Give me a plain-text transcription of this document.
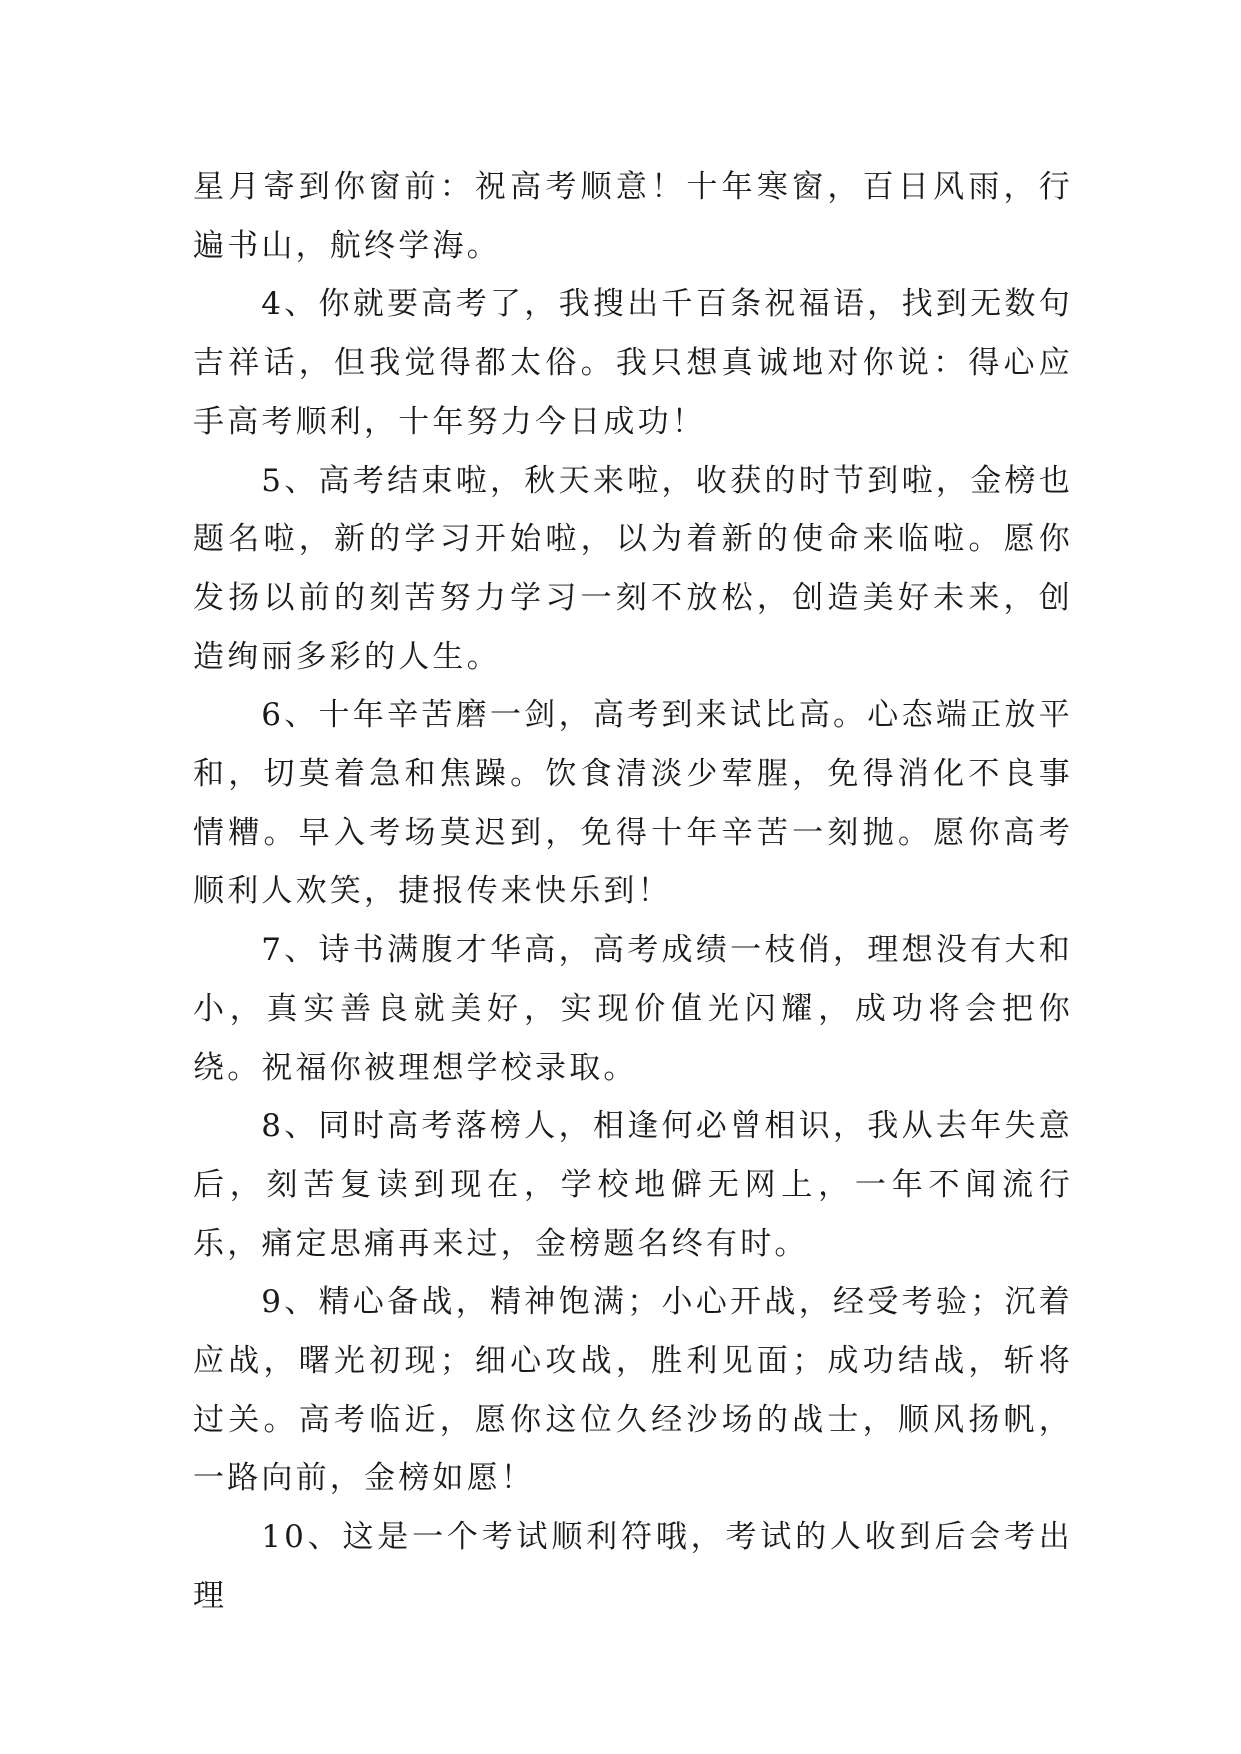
星月寄到你窗前：祝高考顺意！十年寒窗，百日风雨，行遍书山，航终学海。

4、你就要高考了，我搜出千百条祝福语，找到无数句吉祥话，但我觉得都太俗。我只想真诚地对你说：得心应手高考顺利，十年努力今日成功！

5、高考结束啦，秋天来啦，收获的时节到啦，金榜也题名啦，新的学习开始啦，以为着新的使命来临啦。愿你发扬以前的刻苦努力学习一刻不放松，创造美好未来，创造绚丽多彩的人生。

6、十年辛苦磨一剑，高考到来试比高。心态端正放平和，切莫着急和焦躁。饮食清淡少荤腥，免得消化不良事情糟。早入考场莫迟到，免得十年辛苦一刻抛。愿你高考顺利人欢笑，捷报传来快乐到！

7、诗书满腹才华高，高考成绩一枝俏，理想没有大和小，真实善良就美好，实现价值光闪耀，成功将会把你绕。祝福你被理想学校录取。

8、同时高考落榜人，相逢何必曾相识，我从去年失意后，刻苦复读到现在，学校地僻无网上，一年不闻流行乐，痛定思痛再来过，金榜题名终有时。

9、精心备战，精神饱满；小心开战，经受考验；沉着应战，曙光初现；细心攻战，胜利见面；成功结战，斩将过关。高考临近，愿你这位久经沙场的战士，顺风扬帆，一路向前，金榜如愿！

10、这是一个考试顺利符哦，考试的人收到后会考出理
